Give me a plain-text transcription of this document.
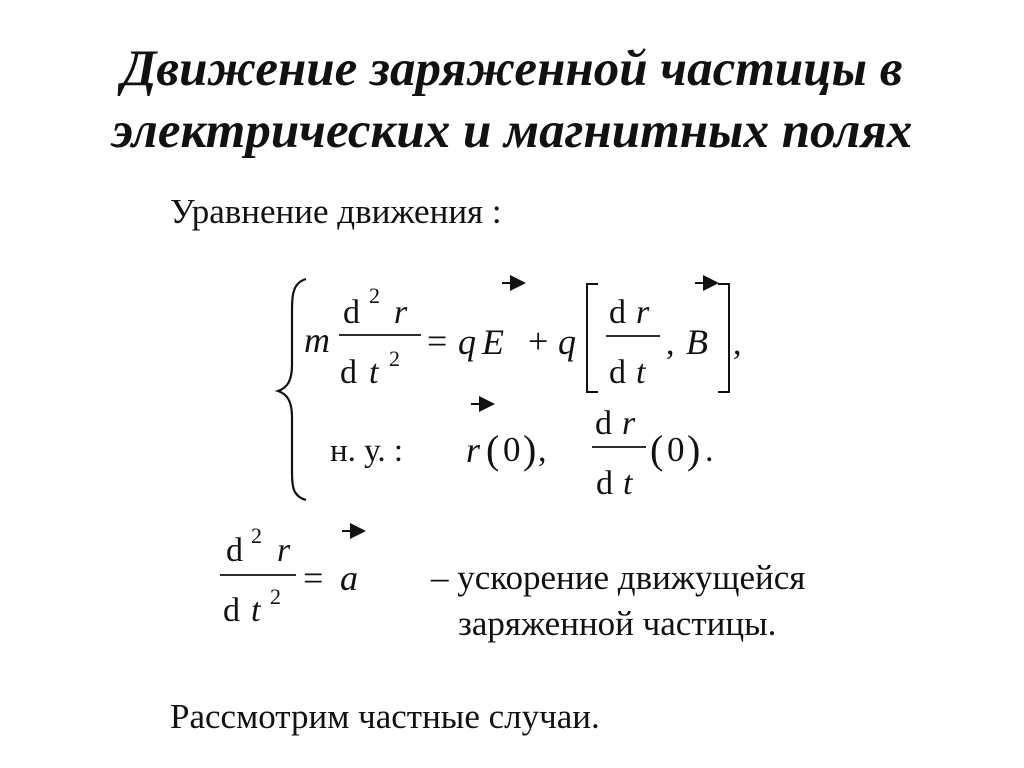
Движение заряженной частицы в
электрических и магнитных полях
Уравнение движения :
m
d 2 r
d t 2 = q E + q
d r
d t
, B ,
н. у. : r ( 0 ) ,
d r
d t
( 0 ) .
d 2 r
d t 2 = a – ускорение движущейся
заряженной частицы.
Рассмотрим частные случаи.
